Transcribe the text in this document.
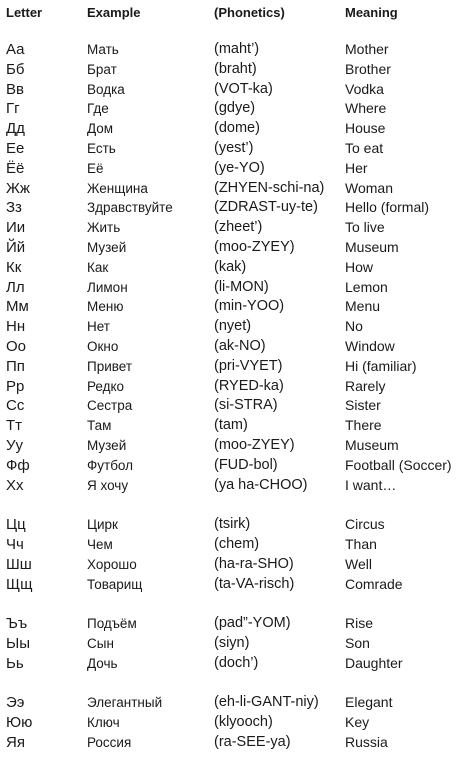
Letter	Example	(Phonetics)	Meaning
Аа	Мать	(maht’)	Mother
Бб	Брат	(braht)	Brother
Вв	Водка	(VOT-ka)	Vodka
Гг	Где	(gdye)	Where
Дд	Дом	(dome)	House
Ее	Есть	(yest’)	To eat
Ёё	Её	(ye-YO)	Her
Жж	Женщина	(ZHYEN-schi-na) Woman
Зз	Здравствуйте	(ZDRAST-uy-te) Hello (formal)
Ии	Жить	(zheet’)	To live
Йй	Музей	(moo-ZYEY)	Museum
Кк	Как	(kak)	How
Лл	Лимон	(li-MON)	Lemon
Мм	Меню	(min-YOO)	Menu
Нн	Нет	(nyet)	No
Оо	Окно	(ak-NO)	Window
Пп	Привет	(pri-VYET)	Hi (familiar)
Рр	Редко	(RYED-ka)	Rarely
Сс	Сестра	(si-STRA)	Sister
Тт	Там	(tam)	There
Уу	Музей	(moo-ZYEY)	Museum
Фф	Футбол	(FUD-bol)	Football (Soccer)
Хх	Я хочу	(ya ha-CHOO)	I want…
Цц	Цирк	(tsirk)	Circus
Чч	Чем	(chem)	Than
Шш	Хорошо	(ha-ra-SHO)	Well
Щщ	Товарищ	(ta-VA-risch)	Comrade
Ъъ	Подъём	(pad”-YOM)	Rise
Ыы	Сын	(siyn)	Son
Ьь	Дочь	(doch’)	Daughter
Ээ	Элегантный	(eh-li-GANT-niy) Elegant
Юю	Ключ	(klyooch)	Key
Яя	Россия	(ra-SEE-ya)	Russia
